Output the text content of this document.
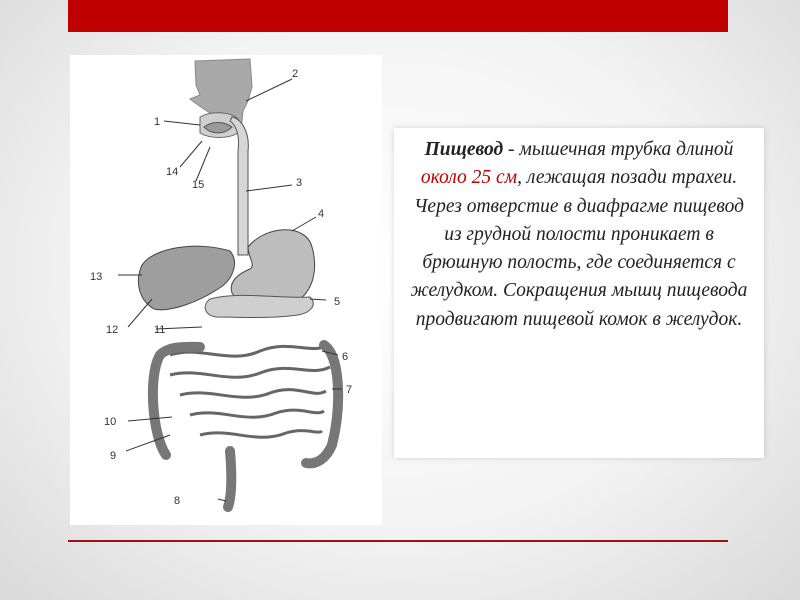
1
2
3
4
5
6
7
8
9
10
11
12
13
14
15
Пищевод - мышечная трубка длиной около 25 см, лежащая позади трахеи. Через отверстие в диафрагме пищевод из грудной полости проникает в брюшную полость, где соединяется с желудком. Сокращения мышц пищевода продвигают пищевой комок в желудок.
